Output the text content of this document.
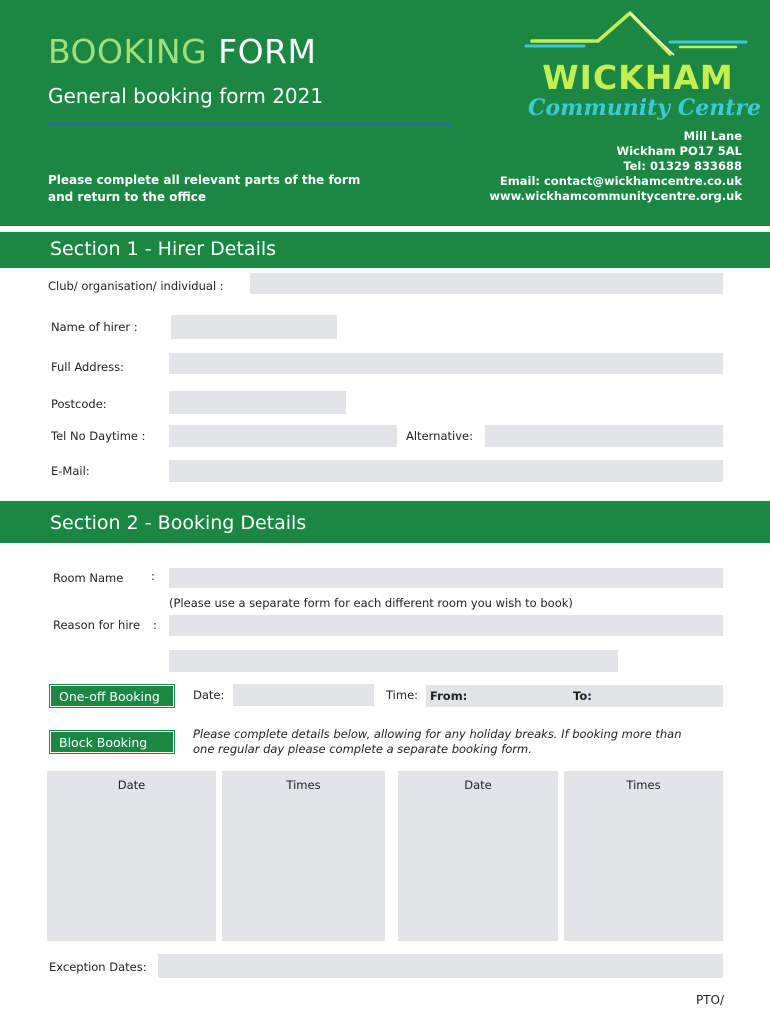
BOOKING FORM
General booking form 2021
Please complete all relevant parts of the form
and return to the office
WICKHAM
Community Centre
Mill Lane
Wickham PO17 5AL
Tel: 01329 833688
Email: contact@wickhamcentre.co.uk
www.wickhamcommunitycentre.org.uk
Section 1 - Hirer Details
Club/ organisation/ individual :
Name of hirer :
Full Address:
Postcode:
Tel No Daytime :	Alternative:
E-Mail:
Section 2 - Booking Details
Room Name :
(Please use a separate form for each different room you wish to book)
Reason for hire :
One-off Booking	Date:	Time: From:	To:
Block Booking
Please complete details below, allowing for any holiday breaks. If booking more than
one regular day please complete a separate booking form.
Date	Times	Date	Times
Exception Dates:
PTO/
